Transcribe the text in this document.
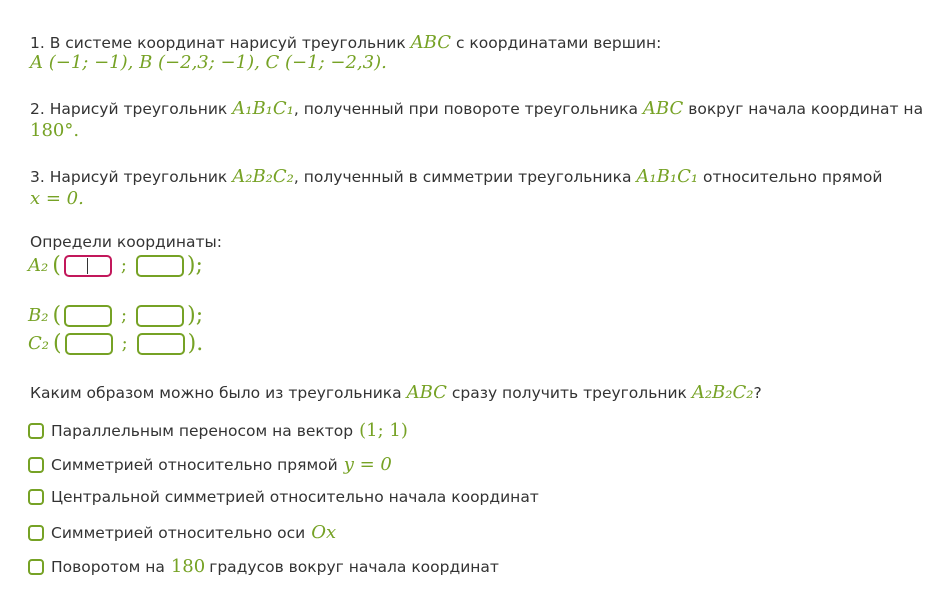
1. В системе координат нарисуй треугольник ABC с координатами вершин:
A (−1; −1), B (−2,3; −1), C (−1; −2,3).
2. Нарисуй треугольник A₁B₁C₁, полученный при повороте треугольника ABC вокруг начала координат на
180°.
3. Нарисуй треугольник A₂B₂C₂, полученный в симметрии треугольника A₁B₁C₁ относительно прямой
x = 0.
Определи координаты:
A₂ (	;	);
B₂ (	;	);
C₂ (	;	).
Каким образом можно было из треугольника ABC сразу получить треугольник A₂B₂C₂?
Параллельным переносом на вектор (1; 1)
Симметрией относительно прямой y = 0
Центральной симметрией относительно начала координат
Симметрией относительно оси Ox
Поворотом на 180 градусов вокруг начала координат
